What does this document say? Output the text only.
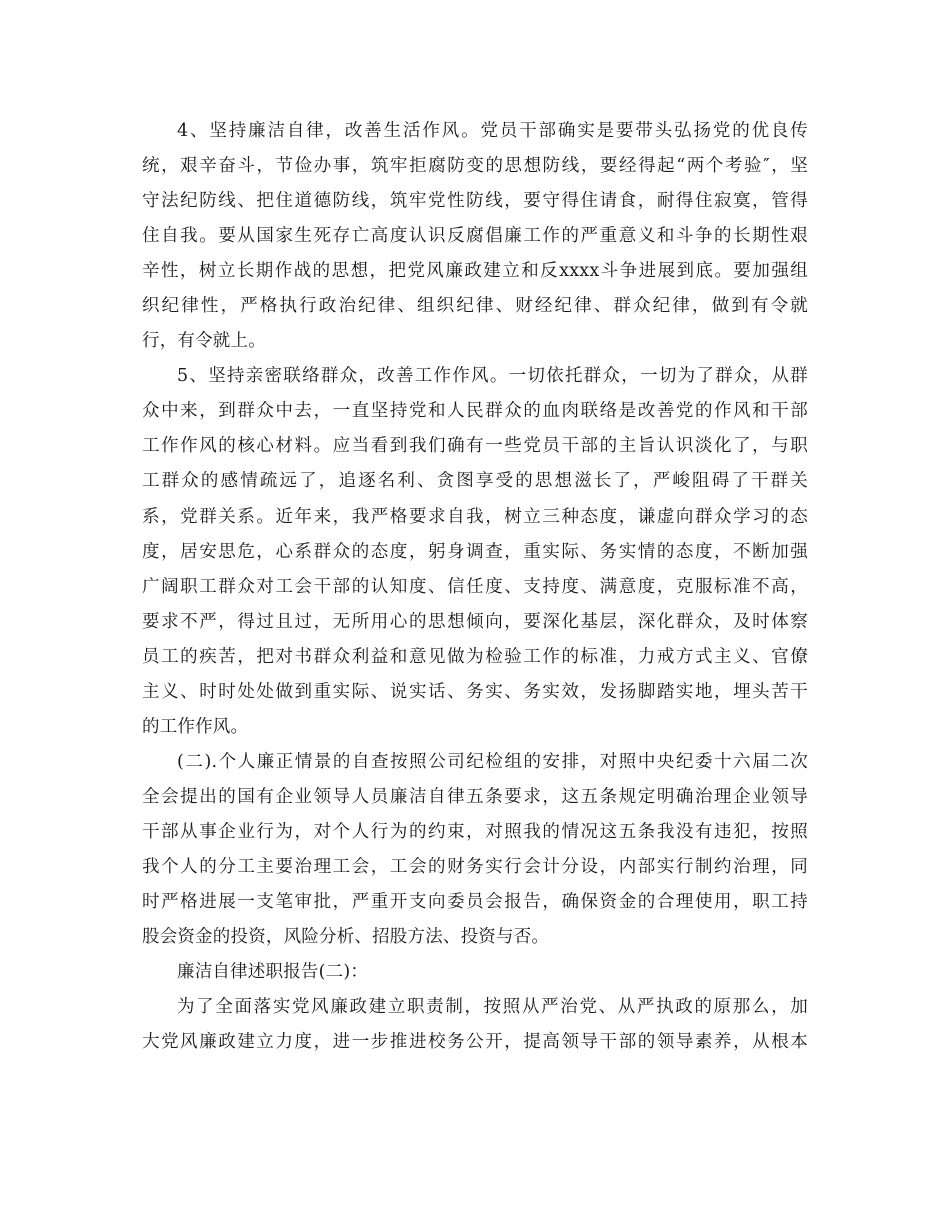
4、坚持廉洁自律，改善生活作风。党员干部确实是要带头弘扬党的优良传
统，艰辛奋斗，节俭办事，筑牢拒腐防变的思想防线，要经得起“两个考验″，坚
守法纪防线、把住道德防线，筑牢党性防线，要守得住请食，耐得住寂寞，管得
住自我。要从国家生死存亡高度认识反腐倡廉工作的严重意义和斗争的长期性艰
辛性，树立长期作战的思想，把党风廉政建立和反xxxx斗争进展到底。要加强组
织纪律性，严格执行政治纪律、组织纪律、财经纪律、群众纪律，做到有令就
行，有令就上。
5、坚持亲密联络群众，改善工作作风。一切依托群众，一切为了群众，从群
众中来，到群众中去，一直坚持党和人民群众的血肉联络是改善党的作风和干部
工作作风的核心材料。应当看到我们确有一些党员干部的主旨认识淡化了，与职
工群众的感情疏远了，追逐名利、贪图享受的思想滋长了，严峻阻碍了干群关
系，党群关系。近年来，我严格要求自我，树立三种态度，谦虚向群众学习的态
度，居安思危，心系群众的态度，躬身调查，重实际、务实情的态度，不断加强
广阔职工群众对工会干部的认知度、信任度、支持度、满意度，克服标准不高，
要求不严，得过且过，无所用心的思想倾向，要深化基层，深化群众，及时体察
员工的疾苦，把对书群众利益和意见做为检验工作的标准，力戒方式主义、官僚
主义、时时处处做到重实际、说实话、务实、务实效，发扬脚踏实地，埋头苦干
的工作作风。
(二).个人廉正情景的自查按照公司纪检组的安排，对照中央纪委十六届二次
全会提出的国有企业领导人员廉洁自律五条要求，这五条规定明确治理企业领导
干部从事企业行为，对个人行为的约束，对照我的情况这五条我没有违犯，按照
我个人的分工主要治理工会，工会的财务实行会计分设，内部实行制约治理，同
时严格进展一支笔审批，严重开支向委员会报告，确保资金的合理使用，职工持
股会资金的投资，风险分析、招股方法、投资与否。
廉洁自律述职报告(二)：
为了全面落实党风廉政建立职责制，按照从严治党、从严执政的原那么，加
大党风廉政建立力度，进一步推进校务公开，提高领导干部的领导素养，从根本
